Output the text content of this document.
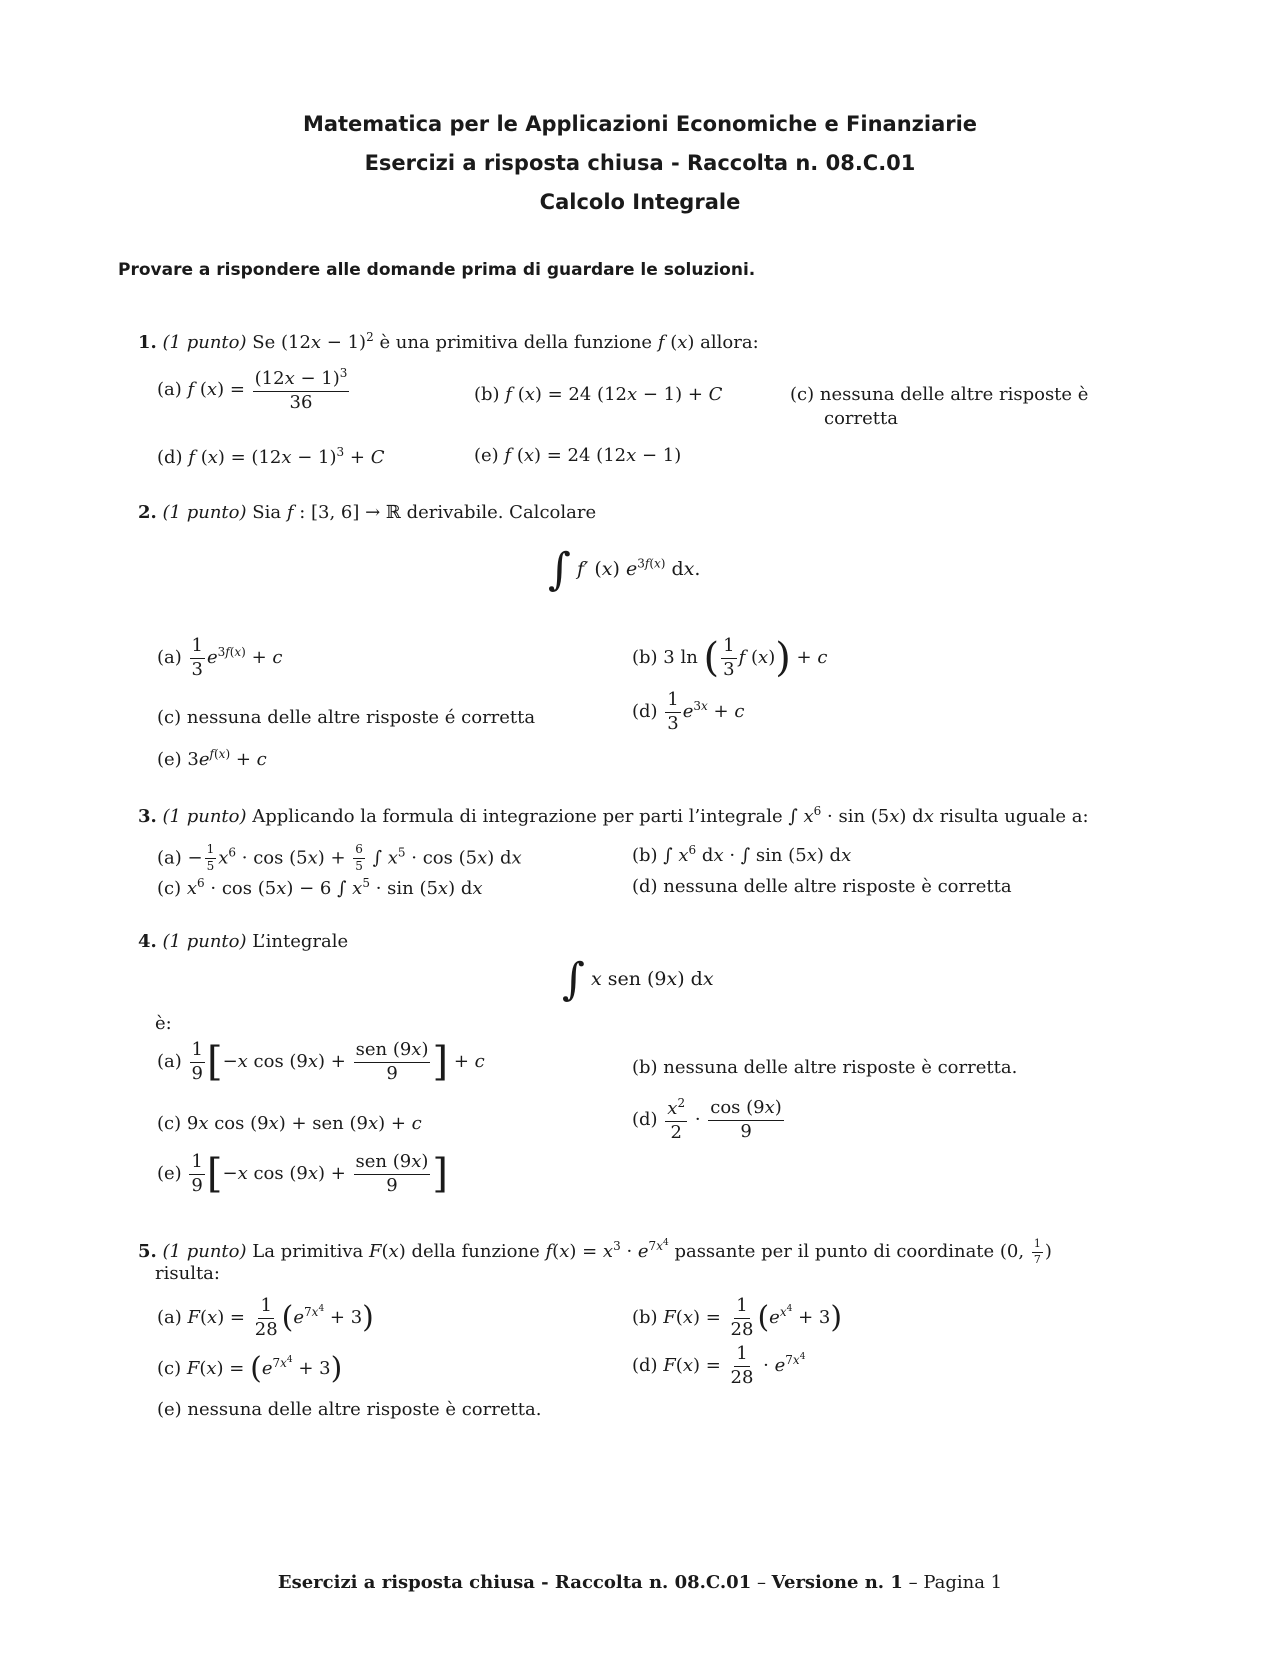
Matematica per le Applicazioni Economiche e Finanziarie
Esercizi a risposta chiusa - Raccolta n. 08.C.01
Calcolo Integrale
Provare a rispondere alle domande prima di guardare le soluzioni.
1. (1 punto) Se $(12x - 1)^2$ è una primitiva della funzione f (x) allora:
(a) f $(x) = \frac{(12x - 1)^3}{36}$	(b) f (x) = 24 (12x − 1) + C	(c) nessuna delle altre risposte è
corretta
(d) f $(x) = (12x - 1)^3 + C$	(e) f (x) = 24 (12x − 1)
2. (1 punto) Sia f : [3, 6] → ℝ derivabile. Calcolare
∫ f′ (x) $e^{3f(x)}$ dx.
$(a) \frac{1}{3} e^{3f(x)} + c$	(b) 3 ln ( $\frac{1}{3}$ f (x)) + c
(c) nessuna delle altre risposte é corretta	$(d) \frac{1}{3} e^{3x} + c$
(e) $3e^{f(x)} + c$
3. (1 punto) Applicando la formula di integrazione per parti l’integrale ∫ $x^6 \cdot \sin (5x)$ dx risulta uguale a:
$(a) - \frac{1}{5} x^6 \cdot \cos (5x) + \frac{6}{5}$ ∫ $x^5 \cdot \cos (5x)$ dx	(b) ∫ $x^6$ dx · ∫ sin (5x) dx
(c) $x^6 \cdot \cos (5x) - 6$ ∫ $x^5 \cdot \sin (5x)$ dx	(d) nessuna delle altre risposte è corretta
4. (1 punto) L’integrale
∫ x sen (9x) dx
è:
$(a) \frac{1}{9} [-x$ $\cos (9x) + \frac{\text{sen (9x)}}{9}$ ] + c	(b) nessuna delle altre risposte è corretta.
(c) 9x cos (9x) + sen (9x) + c	$(d) \frac{x^2}{2} \cdot \frac{\cos (9x)}{9}$
$(e) \frac{1}{9} [-x$ $\cos (9x) + \frac{\text{sen (9x)}}{9}$ ]
5. (1 punto) La primitiva F(x) della funzione $f(x) = x^3 \cdot e^{7x^4}$ passante per il punto di coordinate (0, $\frac{1}{7}$ )
risulta:
(a) $F(x) = \frac{1}{28} (e^{7x^4} + 3)$	(b) $F(x) = \frac{1}{28} (e^{x^4} + 3)$
(c) $F(x) = (e^{7x^4} + 3)$	(d) $F(x) = \frac{1}{28} \cdot e^{7x^4}$
(e) nessuna delle altre risposte è corretta.
Esercizi a risposta chiusa - Raccolta n. 08.C.01 – Versione n. 1 – Pagina 1
